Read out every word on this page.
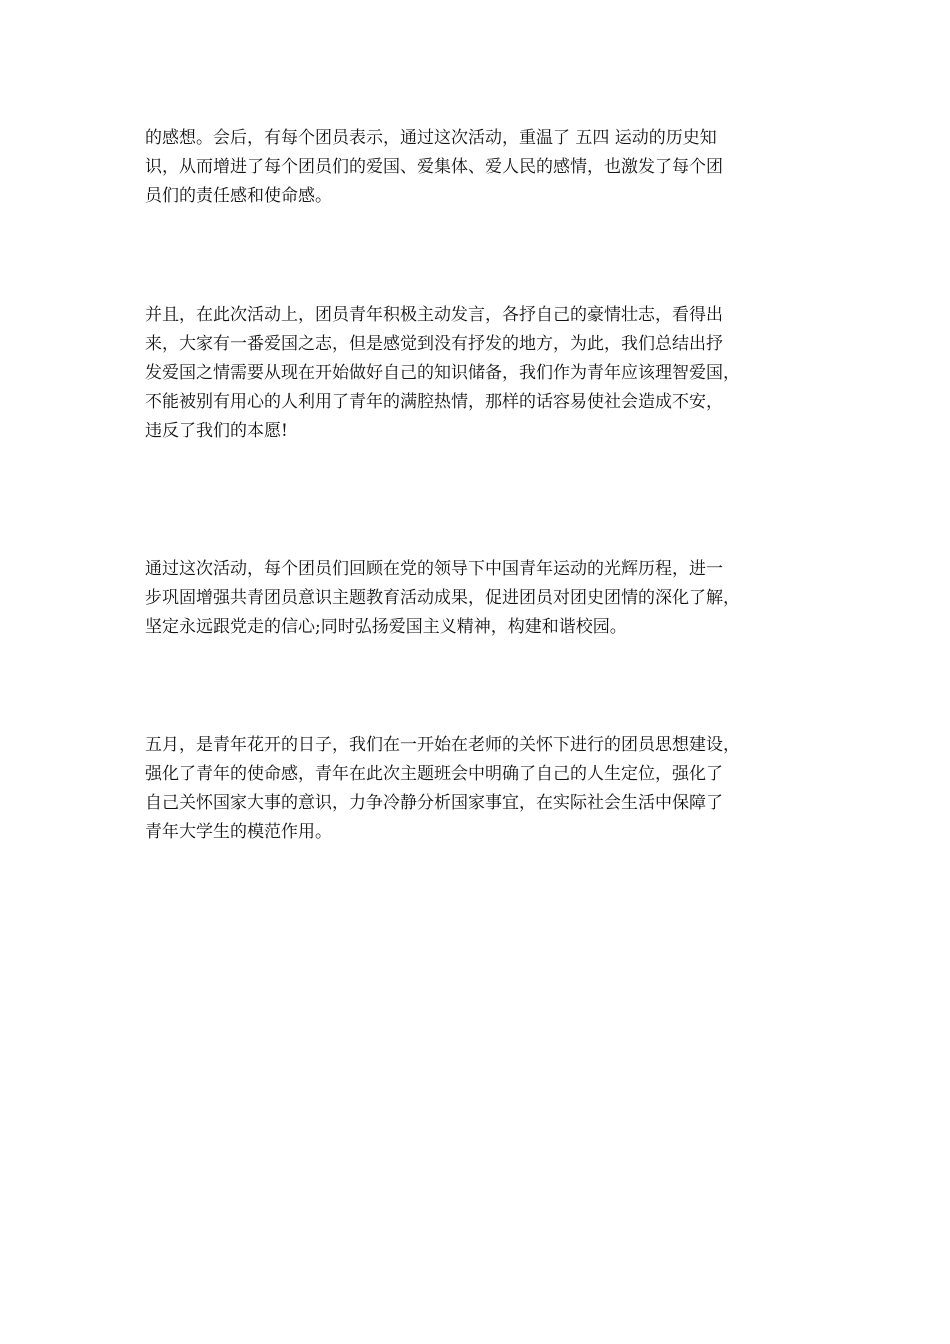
的感想。会后，有每个团员表示，通过这次活动，重温了 五四 运动的历史知
识，从而增进了每个团员们的爱国、爱集体、爱人民的感情，也激发了每个团
员们的责任感和使命感。
并且，在此次活动上，团员青年积极主动发言，各抒自己的豪情壮志，看得出
来，大家有一番爱国之志，但是感觉到没有抒发的地方，为此，我们总结出抒
发爱国之情需要从现在开始做好自己的知识储备，我们作为青年应该理智爱国，
不能被别有用心的人利用了青年的满腔热情，那样的话容易使社会造成不安，
违反了我们的本愿!
通过这次活动，每个团员们回顾在党的领导下中国青年运动的光辉历程，进一
步巩固增强共青团员意识主题教育活动成果，促进团员对团史团情的深化了解，
坚定永远跟党走的信心;同时弘扬爱国主义精神，构建和谐校园。
五月，是青年花开的日子，我们在一开始在老师的关怀下进行的团员思想建设，
强化了青年的使命感，青年在此次主题班会中明确了自己的人生定位，强化了
自己关怀国家大事的意识，力争冷静分析国家事宜，在实际社会生活中保障了
青年大学生的模范作用。
